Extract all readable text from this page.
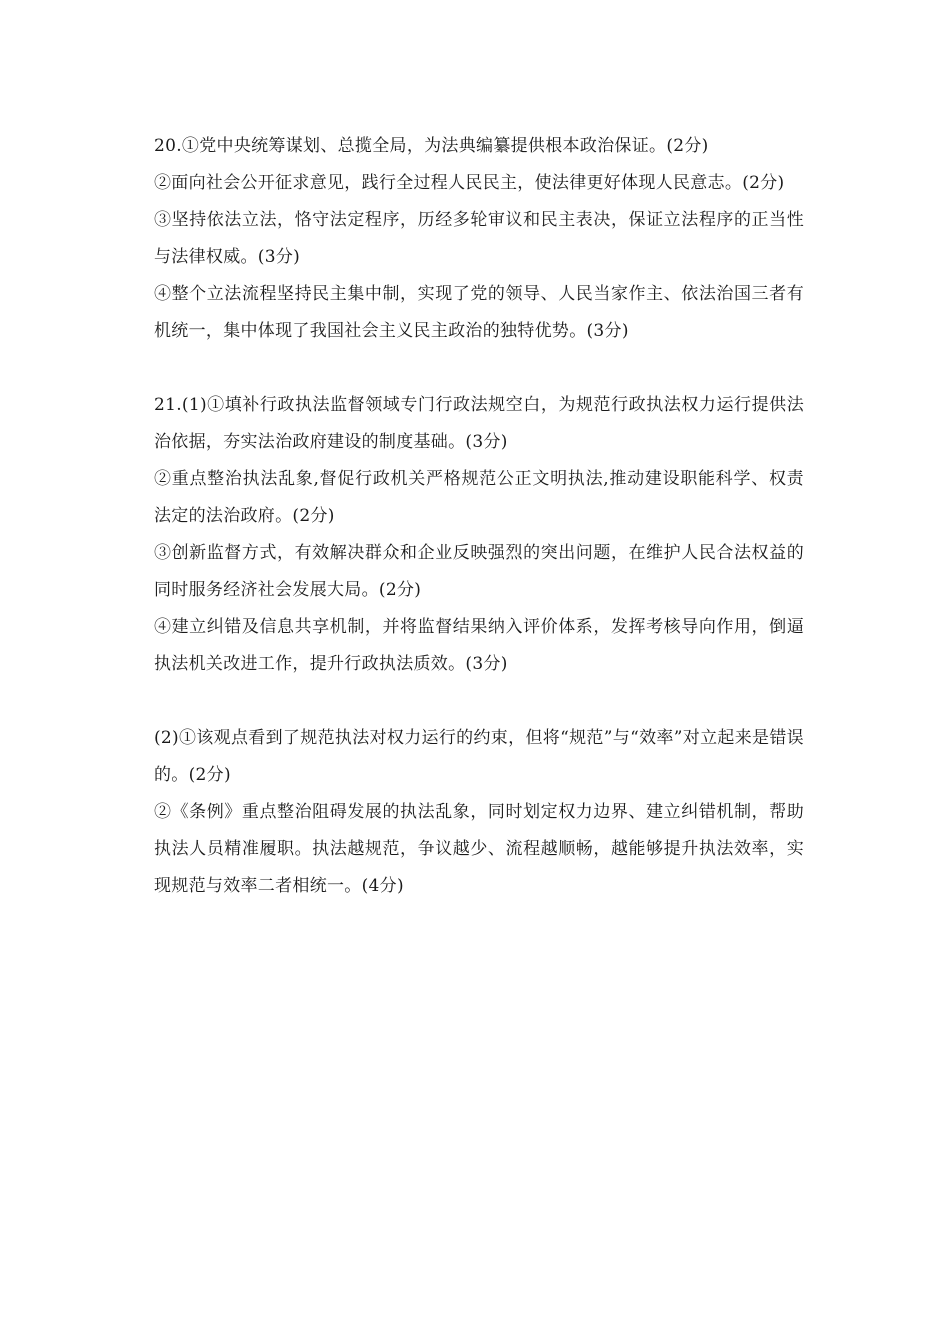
20.①党中央统筹谋划、总揽全局，为法典编纂提供根本政治保证。(2分)

②面向社会公开征求意见，践行全过程人民民主，使法律更好体现人民意志。(2分)

③坚持依法立法，恪守法定程序，历经多轮审议和民主表决，保证立法程序的正当性与法律权威。(3分)

④整个立法流程坚持民主集中制，实现了党的领导、人民当家作主、依法治国三者有机统一，集中体现了我国社会主义民主政治的独特优势。(3分)

21.(1)①填补行政执法监督领域专门行政法规空白，为规范行政执法权力运行提供法治依据，夯实法治政府建设的制度基础。(3分)

②重点整治执法乱象,督促行政机关严格规范公正文明执法,推动建设职能科学、权责法定的法治政府。(2分)

③创新监督方式，有效解决群众和企业反映强烈的突出问题，在维护人民合法权益的同时服务经济社会发展大局。(2分)

④建立纠错及信息共享机制，并将监督结果纳入评价体系，发挥考核导向作用，倒逼执法机关改进工作，提升行政执法质效。(3分)

(2)①该观点看到了规范执法对权力运行的约束，但将“规范”与“效率”对立起来是错误的。(2分)

②《条例》重点整治阻碍发展的执法乱象，同时划定权力边界、建立纠错机制，帮助执法人员精准履职。执法越规范，争议越少、流程越顺畅，越能够提升执法效率，实现规范与效率二者相统一。(4分)
